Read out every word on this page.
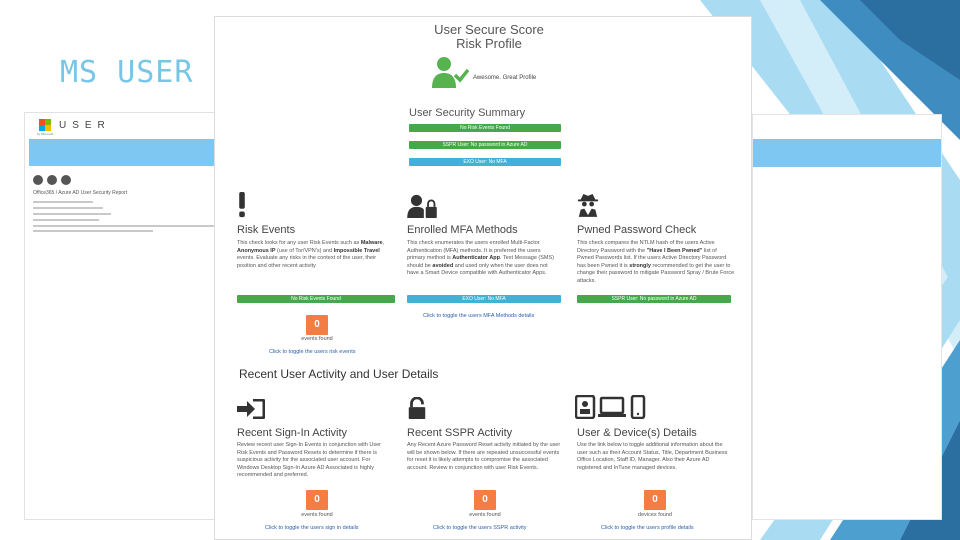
MS USER
USER
by Microsoft
Office365 / Azure AD User Security Report
User Secure Score Risk Profile
Awesome. Great Profile
User Security Summary
No Risk Events Found
SSPR User: No password in Azure AD
EXO User: No MFA
Risk Events
This check looks for any user Risk Events such as Malware, Anonymous IP (use of Tor/VPN's) and Impossible Travel events. Evaluate any risks in the context of the user, their position and other recent activity
No Risk Events Found
0
events found
Click to toggle the users risk events
Enrolled MFA Methods
This check enumerates the users enrolled Multi-Factor Authentication (MFA) methods. It is preferred the users primary method is Authenticator App. Text Message (SMS) should be avoided and used only when the user does not have a Smart Device compatible with Authenticator Apps.
EXO User: No MFA
Click to toggle the users MFA Methods details
Pwned Password Check
This check compares the NTLM hash of the users Active Directory Password with the "Have I Been Pwned" list of Pwned Passwords list. If the users Active Directory Password has been Pwned it is strongly recommended to get the user to change their password to mitigate Password Spray / Brute Force attacks.
SSPR User: No password in Azure AD
Recent User Activity and User Details
Recent Sign-In Activity
Review recent user Sign-In Events in conjunction with User Risk Events and Password Resets to determine if there is suspicious activity for the associated user account. For Windows Desktop Sign-In Azure AD Associated is highly recommended and preferred.
0
events found
Click to toggle the users sign in details
Recent SSPR Activity
Any Recent Azure Password Reset activity initiated by the user will be shown below. If there are repeated unsuccessful events for reset it is likely attempts to compromise the associated account. Review in conjunction with user Risk Events.
0
events found
Click to toggle the users SSPR activity
User & Device(s) Details
Use the link below to toggle additional information about the user such as their Account Status, Title, Department Business Office Location, Staff ID, Manager. Also their Azure AD registered and InTune managed devices.
0
devices found
Click to toggle the users profile details
